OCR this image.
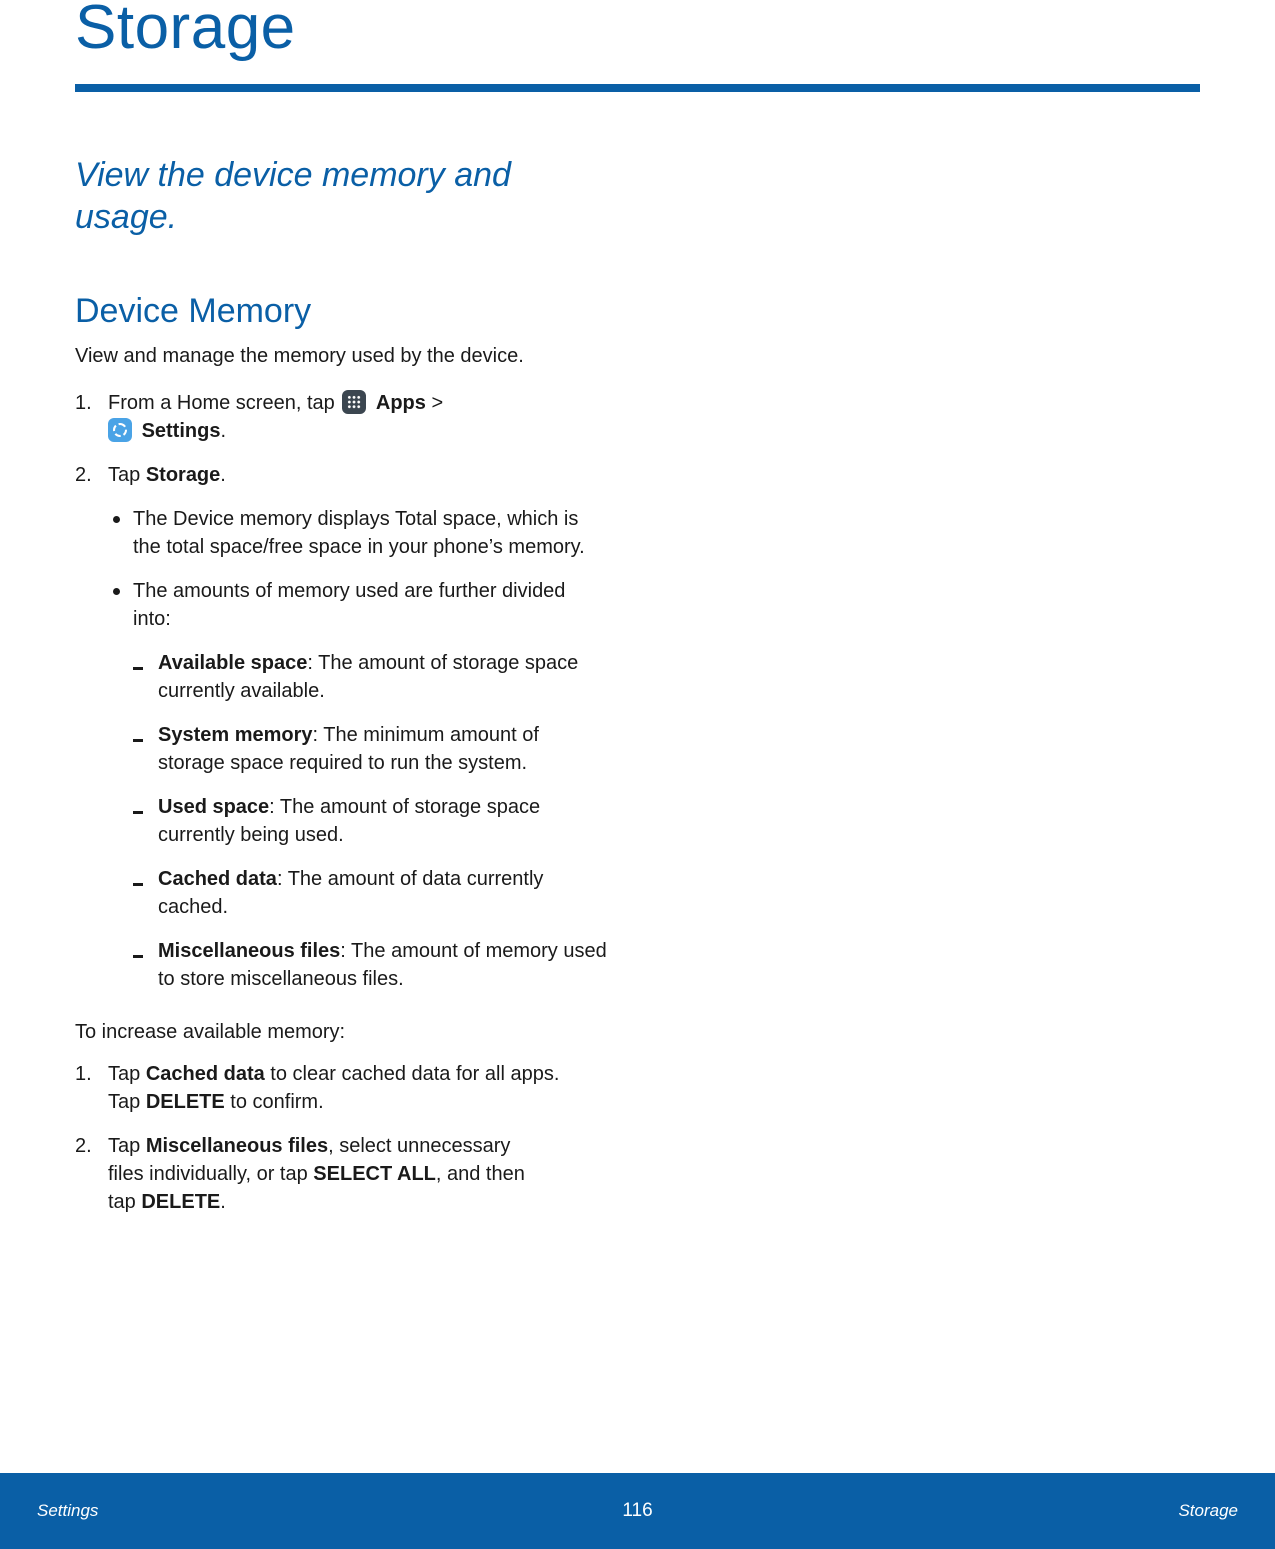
Storage

View the device memory and usage.

Device Memory

View and manage the memory used by the device.

1. From a Home screen, tap Apps >

Settings.

2. Tap Storage.

The Device memory displays Total space, which is the total space/free space in your phone’s memory.

The amounts of memory used are further divided into:

Available space: The amount of storage space currently available.

System memory: The minimum amount of storage space required to run the system.

Used space: The amount of storage space currently being used.

Cached data: The amount of data currently cached.

Miscellaneous files: The amount of memory used to store miscellaneous files.

To increase available memory:

1. Tap Cached data to clear cached data for all apps. Tap DELETE to confirm.

2. Tap Miscellaneous files, select unnecessary files individually, or tap SELECT ALL, and then tap DELETE.

Settings	116	Storage
